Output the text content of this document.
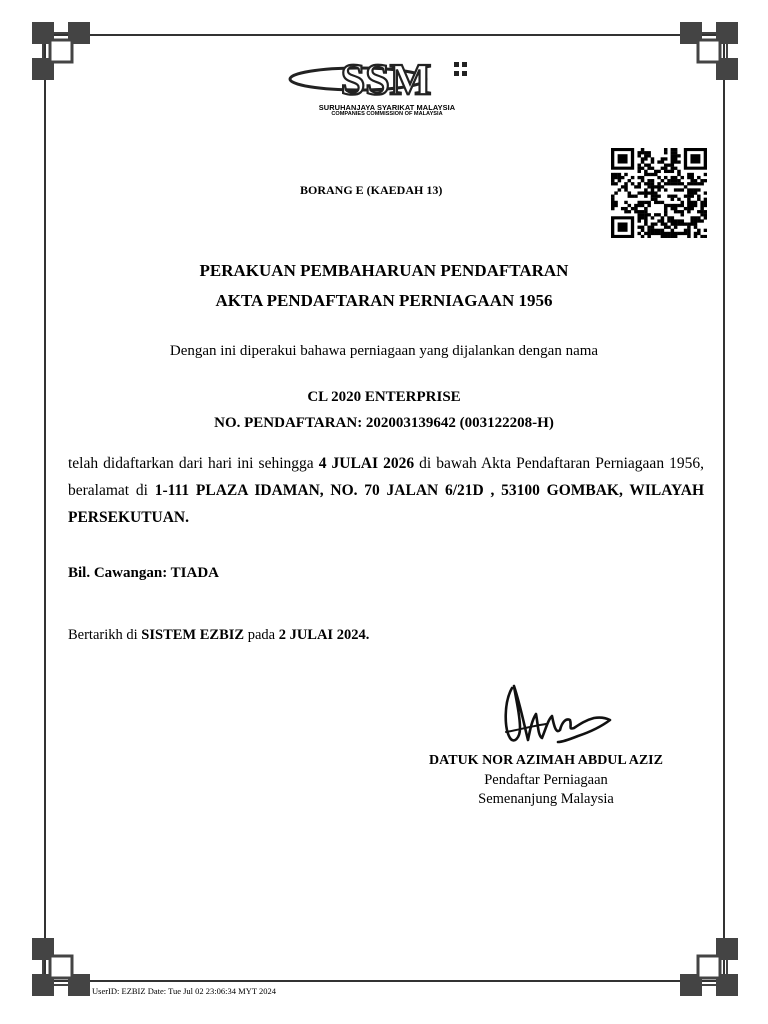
SSM
SURUHANJAYA SYARIKAT MALAYSIA
COMPANIES COMMISSION OF MALAYSIA
BORANG E (KAEDAH 13)
PERAKUAN PEMBAHARUAN PENDAFTARAN
AKTA PENDAFTARAN PERNIAGAAN 1956
Dengan ini diperakui bahawa perniagaan yang dijalankan dengan nama
CL 2020 ENTERPRISE
NO. PENDAFTARAN: 202003139642 (003122208-H)
telah didaftarkan dari hari ini sehingga 4 JULAI 2026 di bawah Akta Pendaftaran Perniagaan 1956, beralamat di 1-111 PLAZA IDAMAN, NO. 70 JALAN 6/21D , 53100 GOMBAK, WILAYAH PERSEKUTUAN.
Bil. Cawangan: TIADA
Bertarikh di SISTEM EZBIZ pada 2 JULAI 2024.
DATUK NOR AZIMAH ABDUL AZIZ
Pendaftar Perniagaan
Semenanjung Malaysia
UserID: EZBIZ Date: Tue Jul 02 23:06:34 MYT 2024
